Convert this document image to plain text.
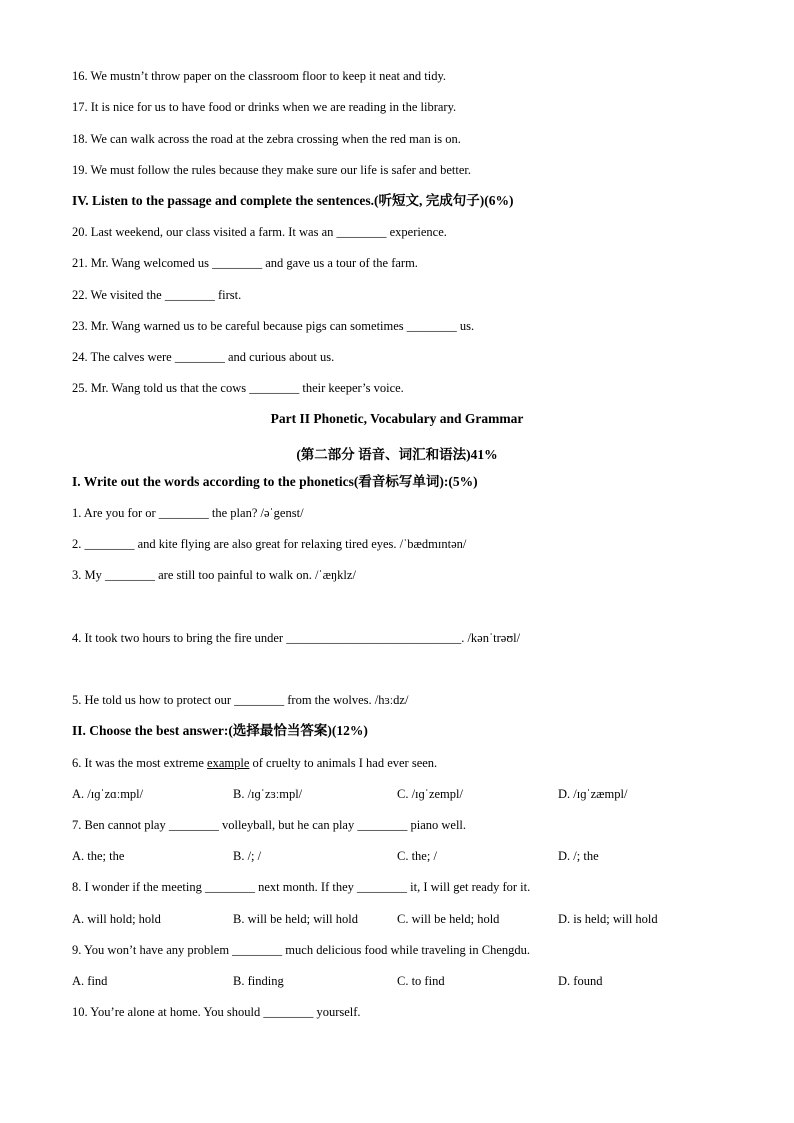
16. We mustn’t throw paper on the classroom floor to keep it neat and tidy.
17. It is nice for us to have food or drinks when we are reading in the library.
18. We can walk across the road at the zebra crossing when the red man is on.
19. We must follow the rules because they make sure our life is safer and better.
IV. Listen to the passage and complete the sentences.(听短文, 完成句子)(6%)
20. Last weekend, our class visited a farm. It was an ________ experience.
21. Mr. Wang welcomed us ________ and gave us a tour of the farm.
22. We visited the ________ first.
23. Mr. Wang warned us to be careful because pigs can sometimes ________ us.
24. The calves were ________ and curious about us.
25. Mr. Wang told us that the cows ________ their keeper’s voice.
Part II Phonetic, Vocabulary and Grammar
(第二部分 语音、词汇和语法)41%
I. Write out the words according to the phonetics(看音标写单词):(5%)
1. Are you for or ________ the plan? /əˈgenst/
2. ________ and kite flying are also great for relaxing tired eyes. /ˈbædmɪntən/
3. My ________ are still too painful to walk on. /ˈæŋklz/
4. It took two hours to bring the fire under ____________________________. /kənˈtrəʊl/
5. He told us how to protect our ________ from the wolves. /hɜːdz/
II. Choose the best answer:(选择最恰当答案)(12%)
6. It was the most extreme example of cruelty to animals I had ever seen.
A. /ɪɡˈzɑːmpl/	B. /ɪɡˈzɜːmpl/	C. /ɪɡˈzempl/	D. /ɪɡˈzæmpl/
7. Ben cannot play ________ volleyball, but he can play ________ piano well.
A. the; the	B. /; /	C. the; /	D. /; the
8. I wonder if the meeting ________ next month. If they ________ it, I will get ready for it.
A. will hold; hold	B. will be held; will hold	C. will be held; hold	D. is held; will hold
9. You won’t have any problem ________ much delicious food while traveling in Chengdu.
A. find	B. finding	C. to find	D. found
10. You’re alone at home. You should ________ yourself.
